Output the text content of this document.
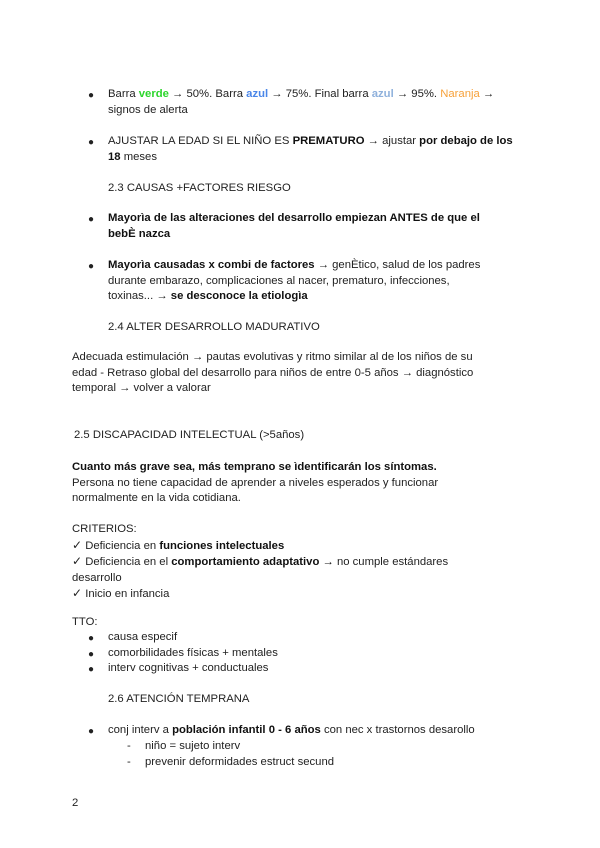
● Barra verde → 50%. Barra azul → 75%. Final barra azul → 95%. Naranja →
signos de alerta
● AJUSTAR LA EDAD SI EL NIÑO ES PREMATURO → ajustar por debajo de los
18 meses
2.3 CAUSAS +FACTORES RIESGO
● Mayorìa de las alteraciones del desarrollo empiezan ANTES de que el
bebÈ nazca
● Mayorìa causadas x combi de factores → genÈtico, salud de los padres
durante embarazo, complicaciones al nacer, prematuro, infecciones,
toxinas... → se desconoce la etiologìa
2.4 ALTER DESARROLLO MADURATIVO
Adecuada estimulación → pautas evolutivas y ritmo similar al de los niños de su
edad - Retraso global del desarrollo para niños de entre 0-5 años → diagnóstico
temporal → volver a valorar
2.5 DISCAPACIDAD INTELECTUAL (>5años)
Cuanto más grave sea, más temprano se ìdentificarán los síntomas.
Persona no tiene capacidad de aprender a niveles esperados y funcionar
normalmente en la vida cotidiana.
CRITERIOS:
✓ Deficiencia en funciones intelectuales
✓ Deficiencia en el comportamiento adaptativo → no cumple estándares
desarrollo
✓ Inicio en infancia
TTO:
● causa especif
● comorbilidades físicas + mentales
● interv cognitivas + conductuales
2.6 ATENCIÓN TEMPRANA
● conj interv a población infantil 0 - 6 años con nec x trastornos desarollo
- niño = sujeto interv
- prevenir deformidades estruct secund
2
